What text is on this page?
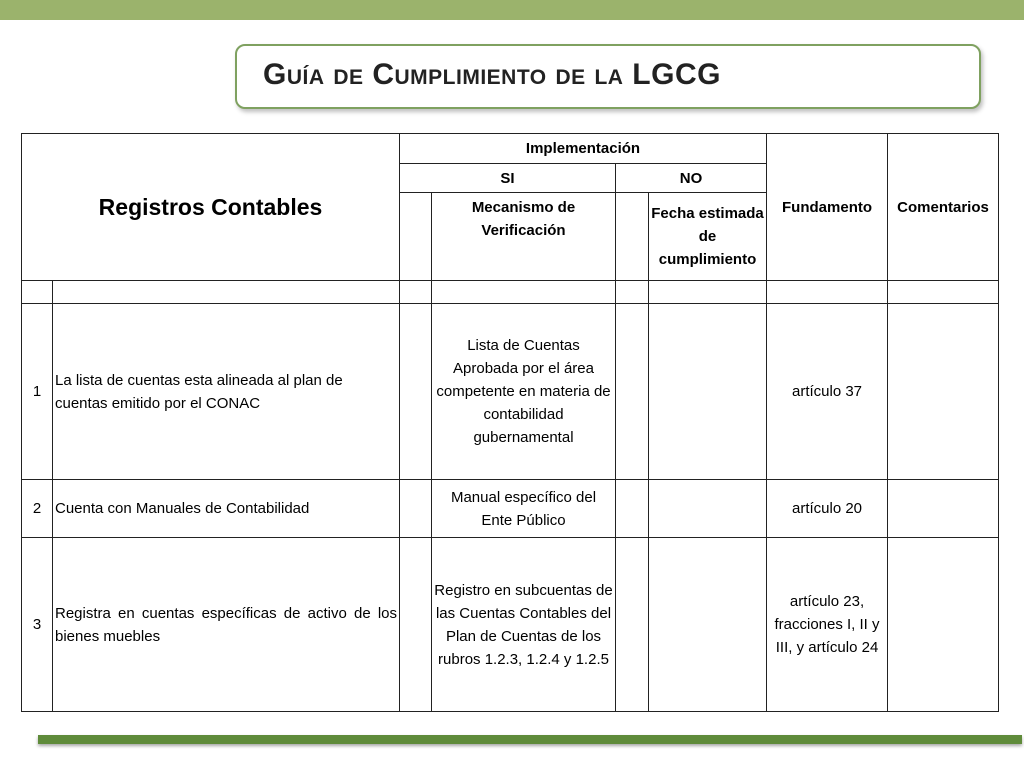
Guía de Cumplimiento de la LGCG
Registros Contables		Implementación				Fundamento	Comentarios
		SI		NO			
			Mecanismo de Verificación		Fecha estimada de cumplimiento		

1	La lista de cuentas esta alineada al plan de cuentas emitido por el CONAC		Lista de Cuentas Aprobada por el área competente en materia de contabilidad gubernamental			artículo 37	
2	Cuenta con Manuales de Contabilidad		Manual específico del Ente Público			artículo 20	
3	Registra en cuentas específicas de activo de los bienes muebles		Registro en subcuentas de las Cuentas Contables del Plan de Cuentas de los rubros 1.2.3, 1.2.4 y 1.2.5			artículo 23, fracciones I, II y III, y artículo 24	
